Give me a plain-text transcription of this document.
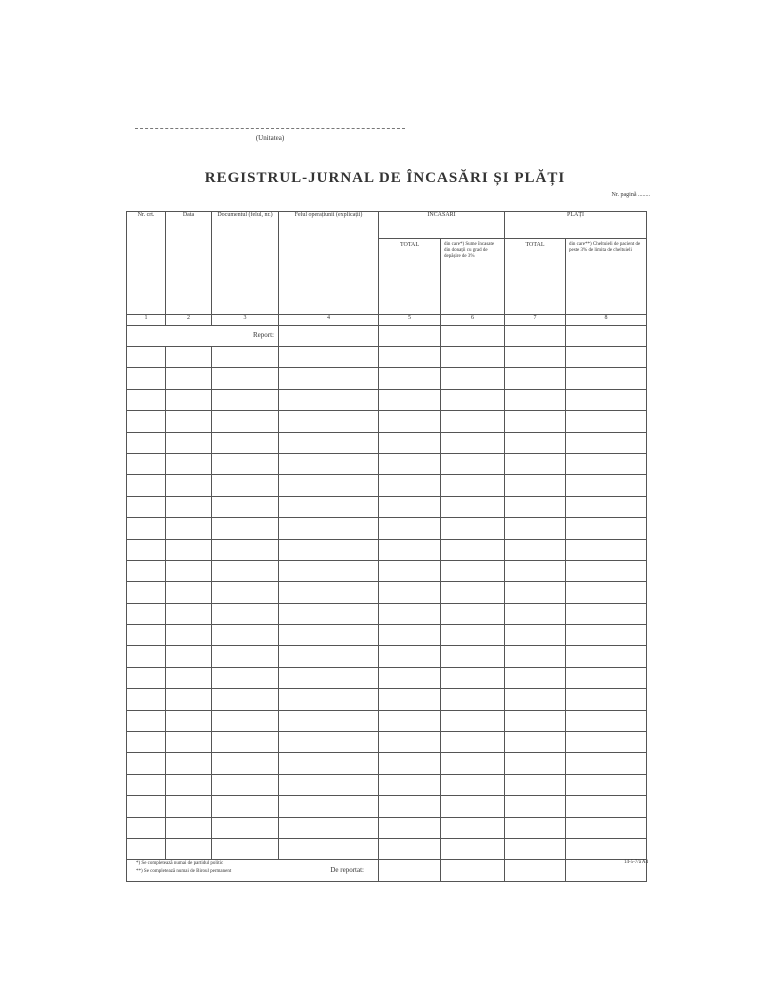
(Unitatea)
REGISTRUL-JURNAL DE ÎNCASĂRI ȘI PLĂȚI
Nr. pagină ........
Nr. crt.	Data	Documentul (felul, nr.)	Felul operațiunii (explicații)	ÎNCASĂRI		PLĂȚI	
				TOTAL	din care*) Sume încasate din donații cu grad de depășire de 3%	TOTAL	din care**) Cheltuieli de pacient de peste 3% de limita de cheltuieli
1	2	3	4	5	6	7	8
Report:							

De reportat:							
*) Se completează numai de partidul politic
**) Se completează numai de Biroul permanent
14-5-7/a A4
